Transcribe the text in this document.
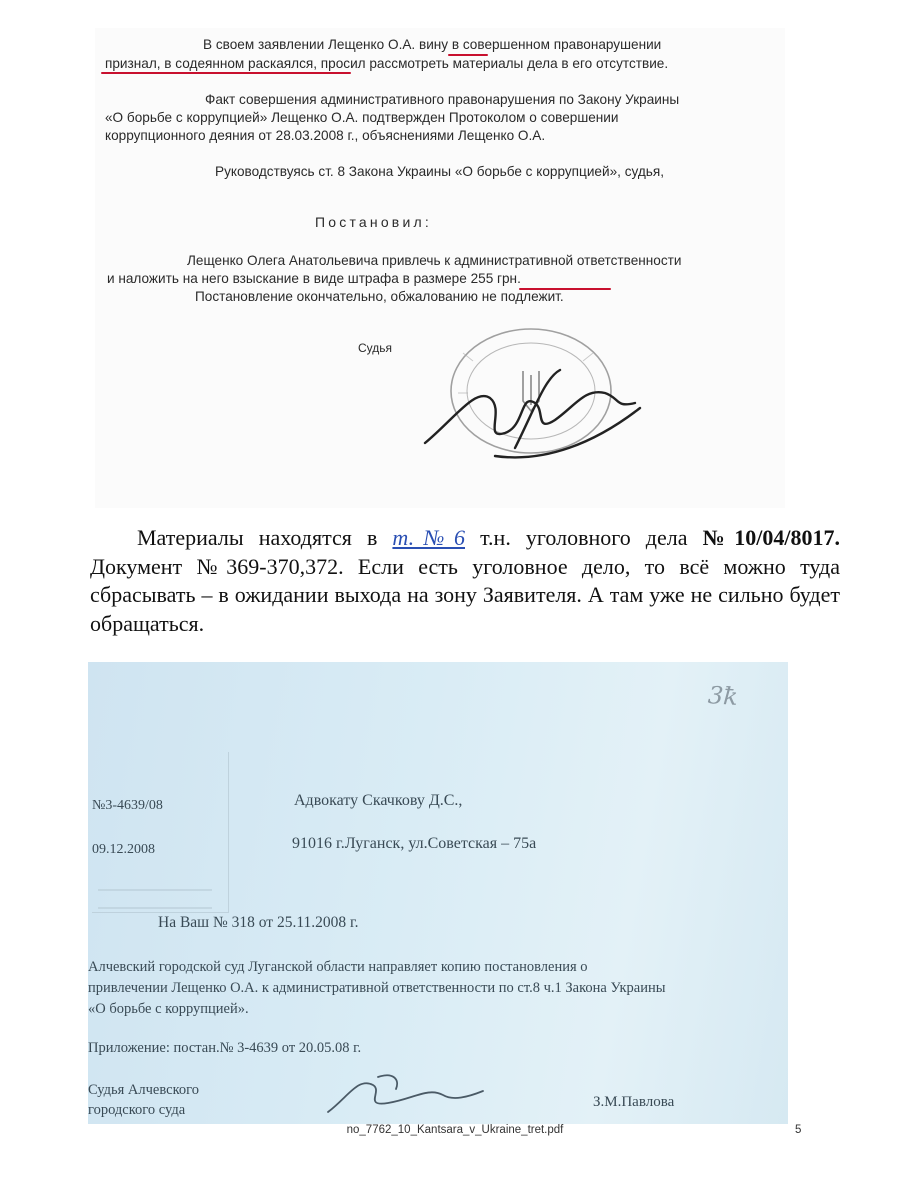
В своем заявлении Лещенко О.А. вину в совершенном правонарушении
признал, в содеянном раскаялся, просил рассмотреть материалы дела в его отсутствие.
Факт совершения административного правонарушения по Закону Украины
«О борьбе с коррупцией» Лещенко О.А. подтвержден Протоколом о совершении
коррупционного деяния от 28.03.2008 г., объяснениями Лещенко О.А.
Руководствуясь ст. 8 Закона Украины «О борьбе с коррупцией», судья,
Постановил:
Лещенко Олега Анатольевича привлечь к административной ответственности
и наложить на него взыскание в виде штрафа в размере 255 грн.
Постановление окончательно, обжалованию не подлежит.
Судья
Материалы находятся в т.№6 т.н. уголовного дела №10/04/8017. Документ №369-370,372. Если есть уголовное дело, то всё можно туда сбрасывать – в ожидании выхода на зону Заявителя. А там уже не сильно будет обращаться.
3ꝁ
№3-4639/08
09.12.2008
Адвокату Скачкову Д.С.,
91016 г.Луганск, ул.Советская – 75а
На Ваш № 318 от 25.11.2008 г.
Алчевский городской суд Луганской области направляет копию постановления о
привлечении Лещенко О.А. к административной ответственности по ст.8 ч.1 Закона Украины
«О борьбе с коррупцией».
Приложение: постан.№ 3-4639 от 20.05.08 г.
Судья Алчевского
городского суда	З.М.Павлова
no_7762_10_Kantsara_v_Ukraine_tret.pdf	5
